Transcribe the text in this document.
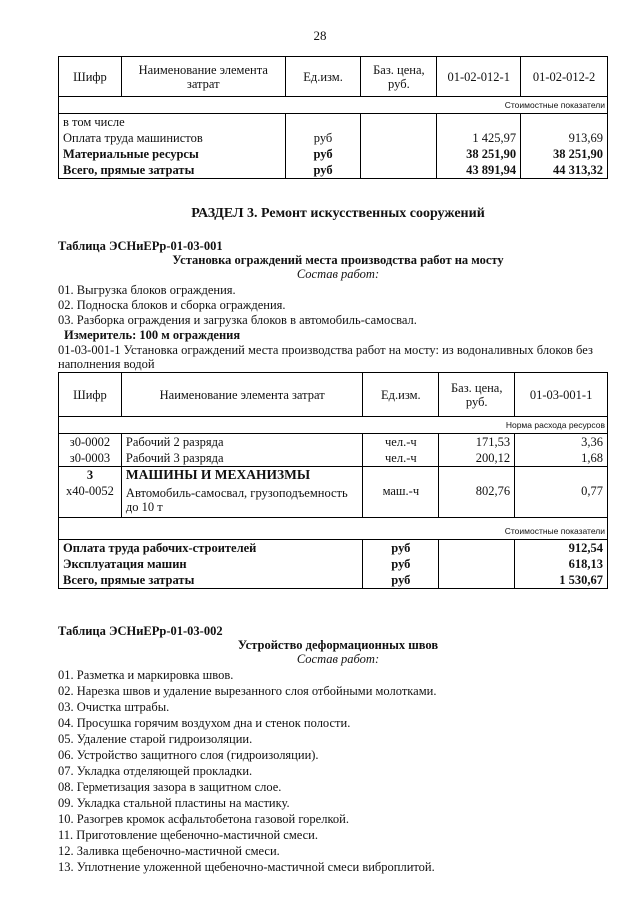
28
Шифр	Наименование элемента затрат	Ед.изм.	Баз. цена, руб.	01-02-012-1	01-02-012-2
Стоимостные показатели					
в том числе					
Оплата труда машинистов		руб		1 425,97	913,69
Материальные ресурсы		руб		38 251,90	38 251,90
Всего, прямые затраты		руб		43 891,94	44 313,32
РАЗДЕЛ 3. Ремонт искусственных сооружений
Таблица ЭСНиЕРр-01-03-001
Установка ограждений места производства работ на мосту
Состав работ:
01. Выгрузка блоков ограждения.
02. Подноска блоков и сборка ограждения.
03. Разборка ограждения и загрузка блоков в автомобиль-самосвал.
Измеритель: 100 м ограждения
01-03-001-1 Установка ограждений места производства работ на мосту: из водоналивных блоков без наполнения водой
Шифр	Наименование элемента затрат	Ед.изм.	Баз. цена, руб.	01-03-001-1
Норма расхода ресурсов				
з0-0002	Рабочий 2 разряда	чел.-ч	171,53	3,36
з0-0003	Рабочий 3 разряда	чел.-ч	200,12	1,68
3	МАШИНЫ И МЕХАНИЗМЫ			
х40-0052	Автомобиль-самосвал, грузоподъемность до 10 т	маш.-ч	802,76	0,77
Стоимостные показатели				
Оплата труда рабочих-строителей		руб		912,54
Эксплуатация машин		руб		618,13
Всего, прямые затраты		руб		1 530,67
Таблица ЭСНиЕРр-01-03-002
Устройство деформационных швов
Состав работ:
01. Разметка и маркировка швов.
02. Нарезка швов и удаление вырезанного слоя отбойными молотками.
03. Очистка штрабы.
04. Просушка горячим воздухом дна и стенок полости.
05. Удаление старой гидроизоляции.
06. Устройство защитного слоя (гидроизоляции).
07. Укладка отделяющей прокладки.
08. Герметизация зазора в защитном слое.
09. Укладка стальной пластины на мастику.
10. Разогрев кромок асфальтобетона газовой горелкой.
11. Приготовление щебеночно-мастичной смеси.
12. Заливка щебеночно-мастичной смеси.
13. Уплотнение уложенной щебеночно-мастичной смеси виброплитой.
